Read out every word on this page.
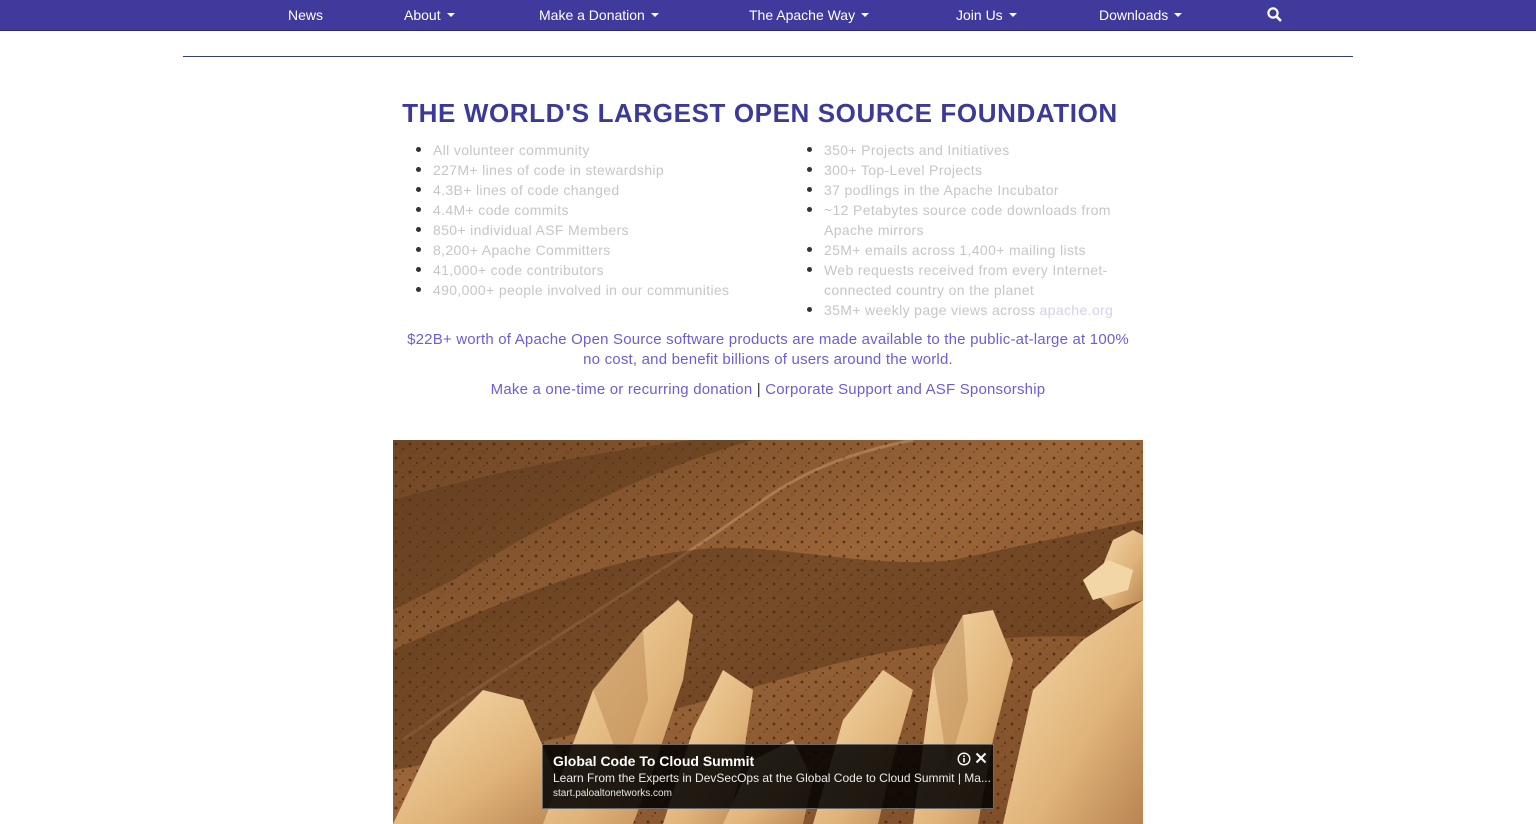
News	About	Make a Donation	The Apache Way	Join Us	Downloads
THE WORLD'S LARGEST OPEN SOURCE FOUNDATION
All volunteer community
227M+ lines of code in stewardship
4.3B+ lines of code changed
4.4M+ code commits
850+ individual ASF Members
8,200+ Apache Committers
41,000+ code contributors
490,000+ people involved in our communities
350+ Projects and Initiatives
300+ Top-Level Projects
37 podlings in the Apache Incubator
~12 Petabytes source code downloads from Apache mirrors
25M+ emails across 1,400+ mailing lists
Web requests received from every Internet-connected country on the planet
35M+ weekly page views across apache.org

$22B+ worth of Apache Open Source software products are made available to the public-at-large at 100% no cost, and benefit billions of users around the world.

Make a one-time or recurring donation | Corporate Support and ASF Sponsorship
Global Code To Cloud Summit
Learn From the Experts in DevSecOps at the Global Code to Cloud Summit | Ma...
start.paloaltonetworks.com
